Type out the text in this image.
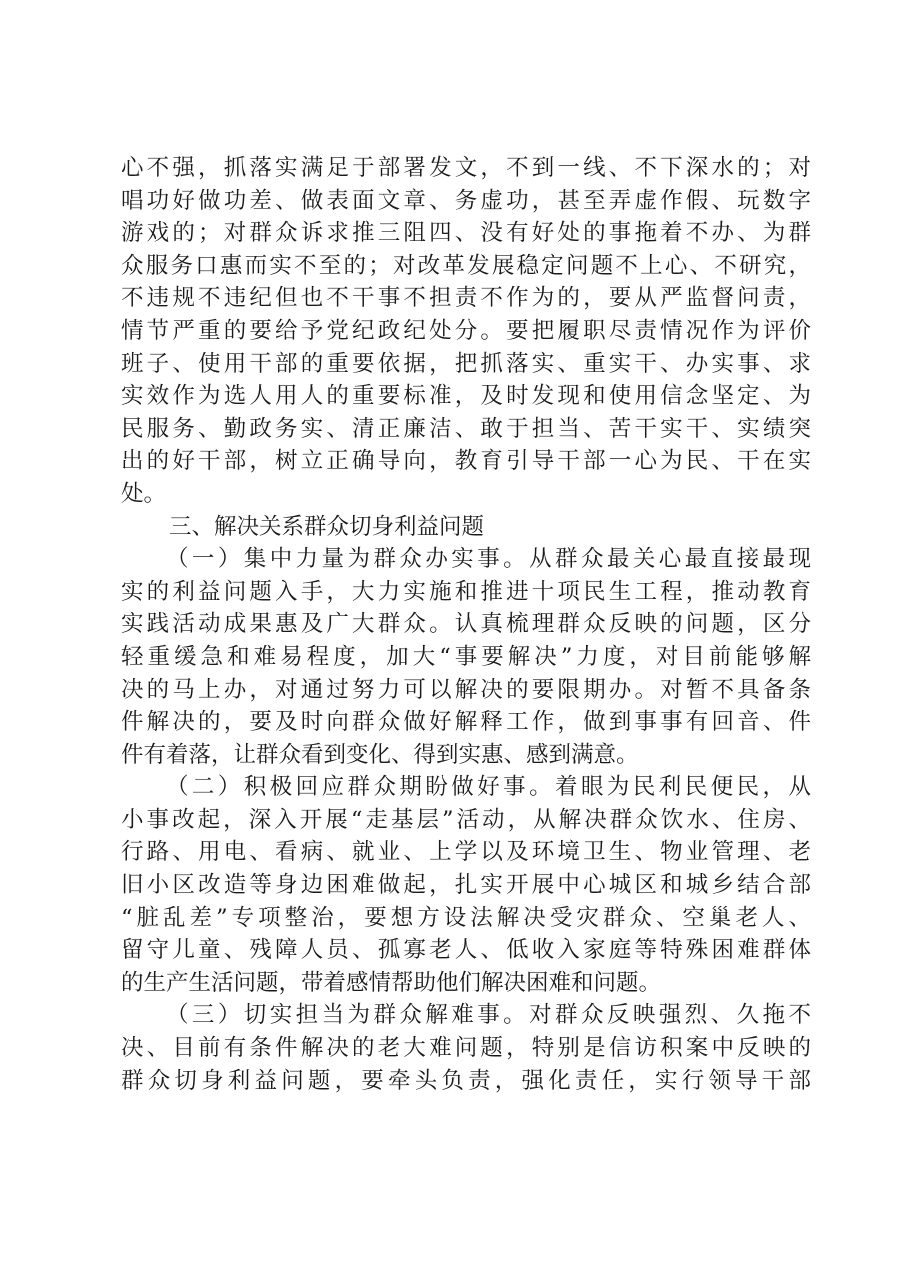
心不强，抓落实满足于部署发文，不到一线、不下深水的；对
唱功好做功差、做表面文章、务虚功，甚至弄虚作假、玩数字
游戏的；对群众诉求推三阻四、没有好处的事拖着不办、为群
众服务口惠而实不至的；对改革发展稳定问题不上心、不研究，
不违规不违纪但也不干事不担责不作为的，要从严监督问责，
情节严重的要给予党纪政纪处分。要把履职尽责情况作为评价
班子、使用干部的重要依据，把抓落实、重实干、办实事、求
实效作为选人用人的重要标准，及时发现和使用信念坚定、为
民服务、勤政务实、清正廉洁、敢于担当、苦干实干、实绩突
出的好干部，树立正确导向，教育引导干部一心为民、干在实
处。
三、解决关系群众切身利益问题
（一）集中力量为群众办实事。从群众最关心最直接最现
实的利益问题入手，大力实施和推进十项民生工程，推动教育
实践活动成果惠及广大群众。认真梳理群众反映的问题，区分
轻重缓急和难易程度，加大“事要解决”力度，对目前能够解
决的马上办，对通过努力可以解决的要限期办。对暂不具备条
件解决的，要及时向群众做好解释工作，做到事事有回音、件
件有着落，让群众看到变化、得到实惠、感到满意。
（二）积极回应群众期盼做好事。着眼为民利民便民，从
小事改起，深入开展“走基层”活动，从解决群众饮水、住房、
行路、用电、看病、就业、上学以及环境卫生、物业管理、老
旧小区改造等身边困难做起，扎实开展中心城区和城乡结合部
“脏乱差”专项整治，要想方设法解决受灾群众、空巢老人、
留守儿童、残障人员、孤寡老人、低收入家庭等特殊困难群体
的生产生活问题，带着感情帮助他们解决困难和问题。
（三）切实担当为群众解难事。对群众反映强烈、久拖不
决、目前有条件解决的老大难问题，特别是信访积案中反映的
群众切身利益问题，要牵头负责，强化责任，实行领导干部
